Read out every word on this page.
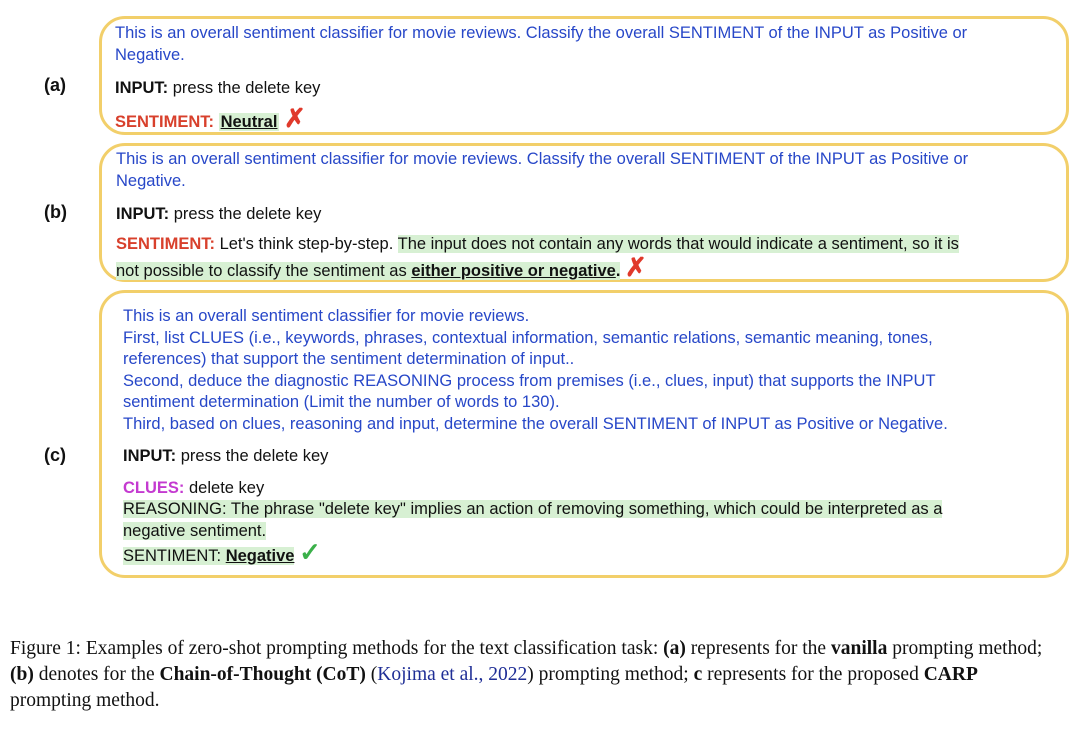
(a)
This is an overall sentiment classifier for movie reviews. Classify the overall SENTIMENT of the INPUT as Positive or
Negative.
INPUT: press the delete key
SENTIMENT: Neutral ✗
(b)
This is an overall sentiment classifier for movie reviews. Classify the overall SENTIMENT of the INPUT as Positive or
Negative.
INPUT: press the delete key
SENTIMENT: Let's think step-by-step. The input does not contain any words that would indicate a sentiment, so it is
not possible to classify the sentiment as either positive or negative. ✗
(c)
This is an overall sentiment classifier for movie reviews.
First, list CLUES (i.e., keywords, phrases, contextual information, semantic relations, semantic meaning, tones,
references) that support the sentiment determination of input..
Second, deduce the diagnostic REASONING process from premises (i.e., clues, input) that supports the INPUT
sentiment determination (Limit the number of words to 130).
Third, based on clues, reasoning and input, determine the overall SENTIMENT of INPUT as Positive or Negative.
INPUT: press the delete key
CLUES: delete key
REASONING: The phrase "delete key" implies an action of removing something, which could be interpreted as a
negative sentiment.
SENTIMENT: Negative ✓
Figure 1: Examples of zero-shot prompting methods for the text classification task: (a) represents for the vanilla prompting method; (b) denotes for the Chain-of-Thought (CoT) (Kojima et al., 2022) prompting method; c represents for the proposed CARP prompting method.
